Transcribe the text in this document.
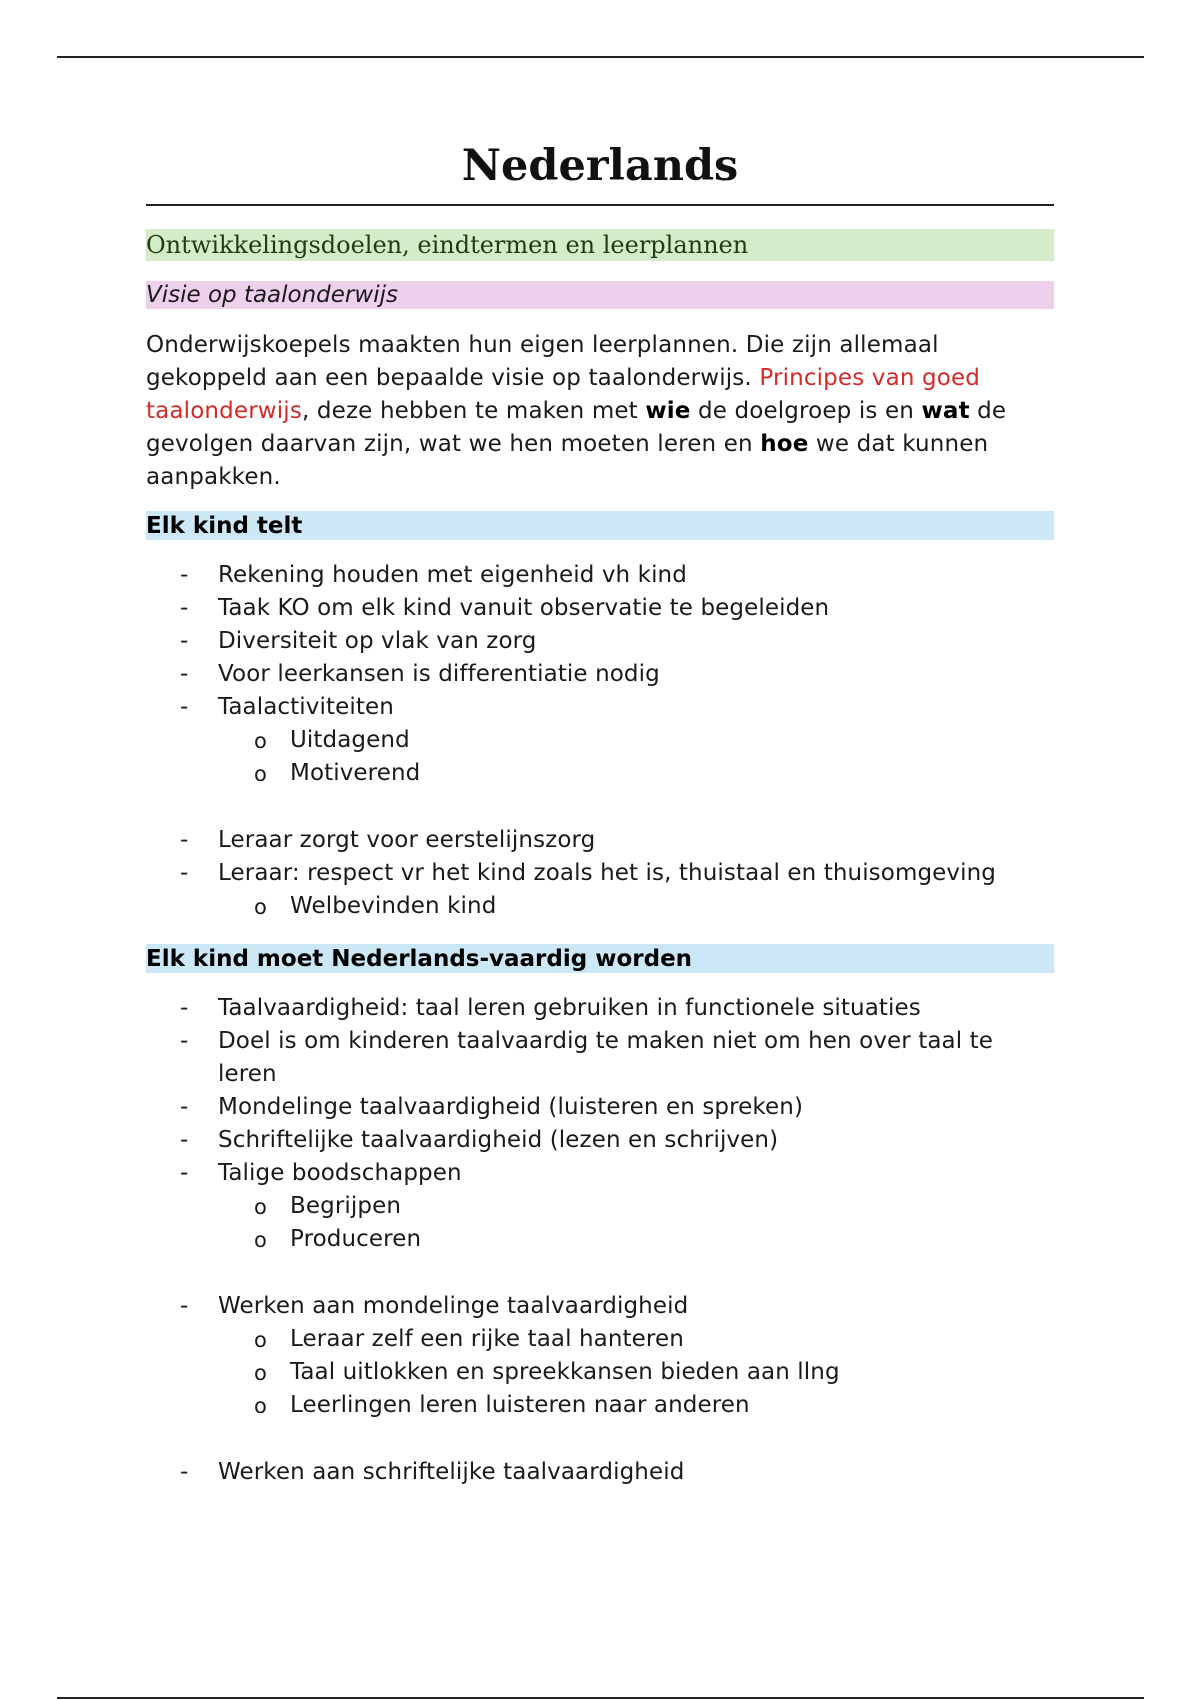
Nederlands
Ontwikkelingsdoelen, eindtermen en leerplannen
Visie op taalonderwijs

Onderwijskoepels maakten hun eigen leerplannen. Die zijn allemaal gekoppeld aan een bepaalde visie op taalonderwijs. Principes van goed taalonderwijs, deze hebben te maken met wie de doelgroep is en wat de gevolgen daarvan zijn, wat we hen moeten leren en hoe we dat kunnen aanpakken.

Elk kind telt
- Rekening houden met eigenheid vh kind
- Taak KO om elk kind vanuit observatie te begeleiden
- Diversiteit op vlak van zorg
- Voor leerkansen is differentiatie nodig
- Taalactiviteiten
o Uitdagend
o Motiverend
- Leraar zorgt voor eerstelijnszorg
- Leraar: respect vr het kind zoals het is, thuistaal en thuisomgeving
o Welbevinden kind
Elk kind moet Nederlands-vaardig worden
- Taalvaardigheid: taal leren gebruiken in functionele situaties
- Doel is om kinderen taalvaardig te maken niet om hen over taal te leren
- Mondelinge taalvaardigheid (luisteren en spreken)
- Schriftelijke taalvaardigheid (lezen en schrijven)
- Talige boodschappen
o Begrijpen
o Produceren
- Werken aan mondelinge taalvaardigheid
o Leraar zelf een rijke taal hanteren
o Taal uitlokken en spreekkansen bieden aan llng
o Leerlingen leren luisteren naar anderen
- Werken aan schriftelijke taalvaardigheid
